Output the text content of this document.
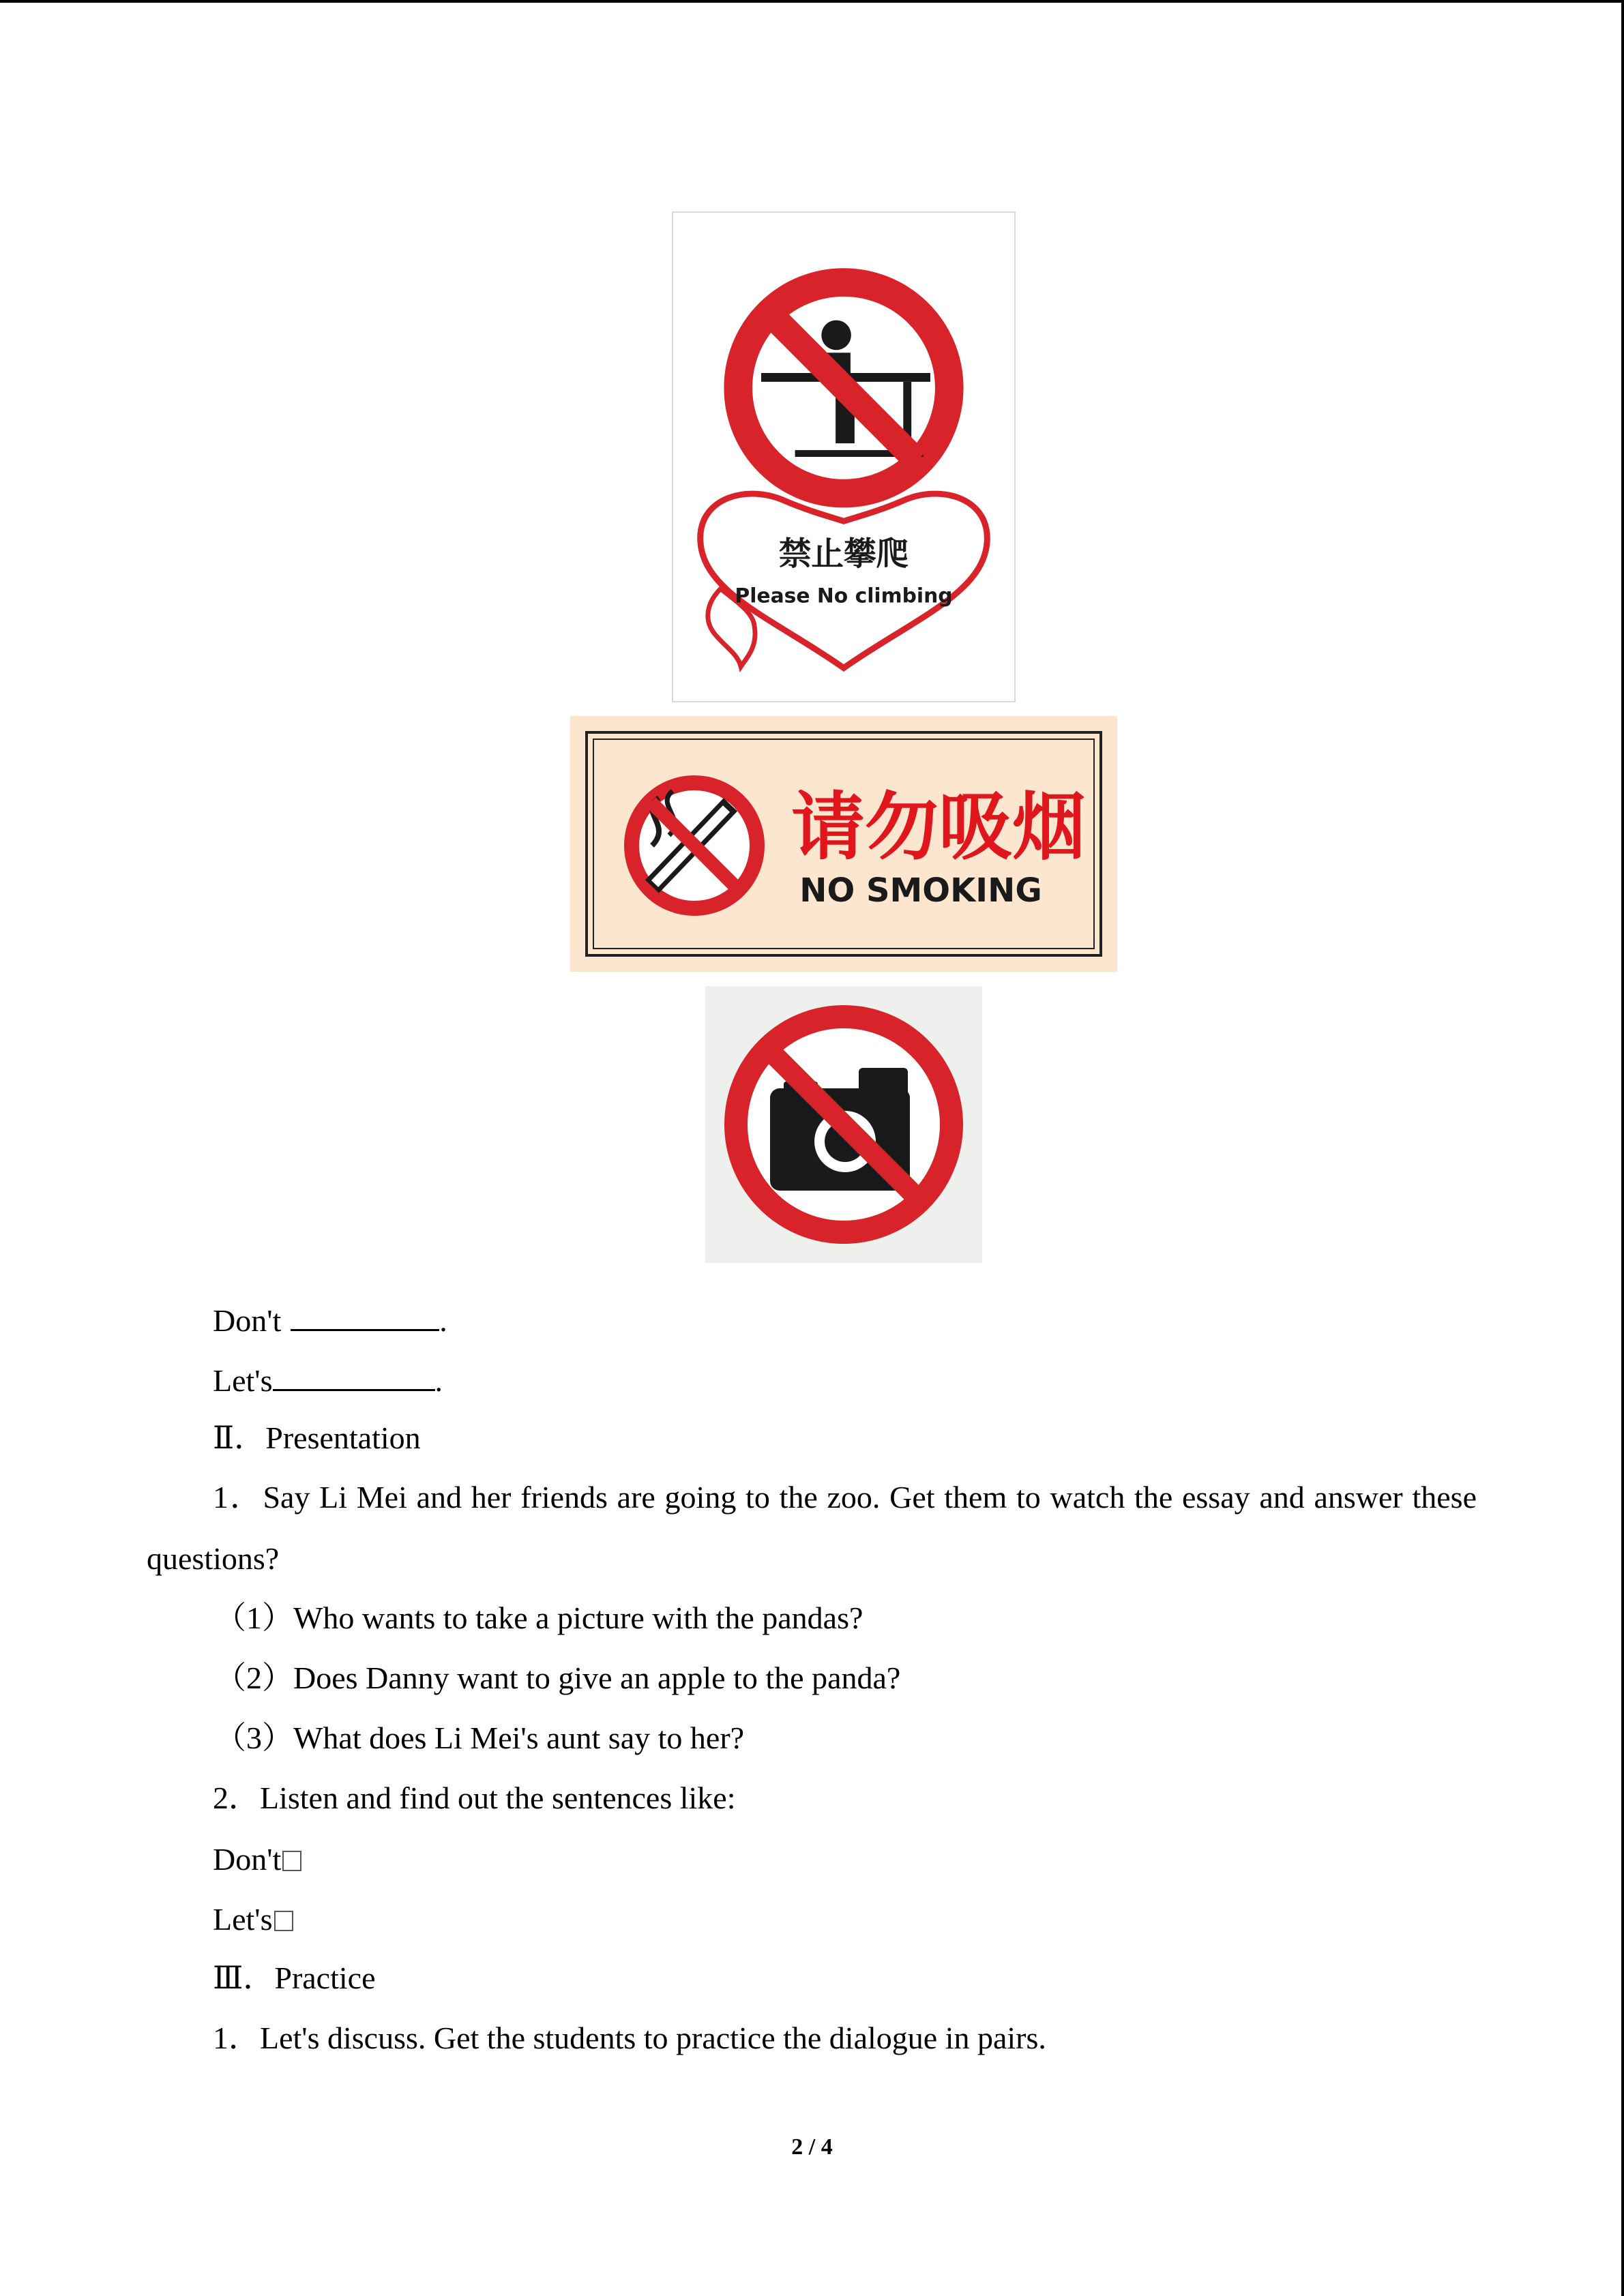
禁止攀爬
Please No climbing
请勿吸烟
NO SMOKING
Don't	.
Let's	.
Ⅱ．Presentation
1．Say Li Mei and her friends are going to the zoo. Get them to watch the essay and answer these questions?
（1）Who wants to take a picture with the pandas?
（2）Does Danny want to give an apple to the panda?
（3）What does Li Mei's aunt say to her?
2．Listen and find out the sentences like:
Don't
Let's
Ⅲ．Practice
1．Let's discuss. Get the students to practice the dialogue in pairs.
2 / 4
